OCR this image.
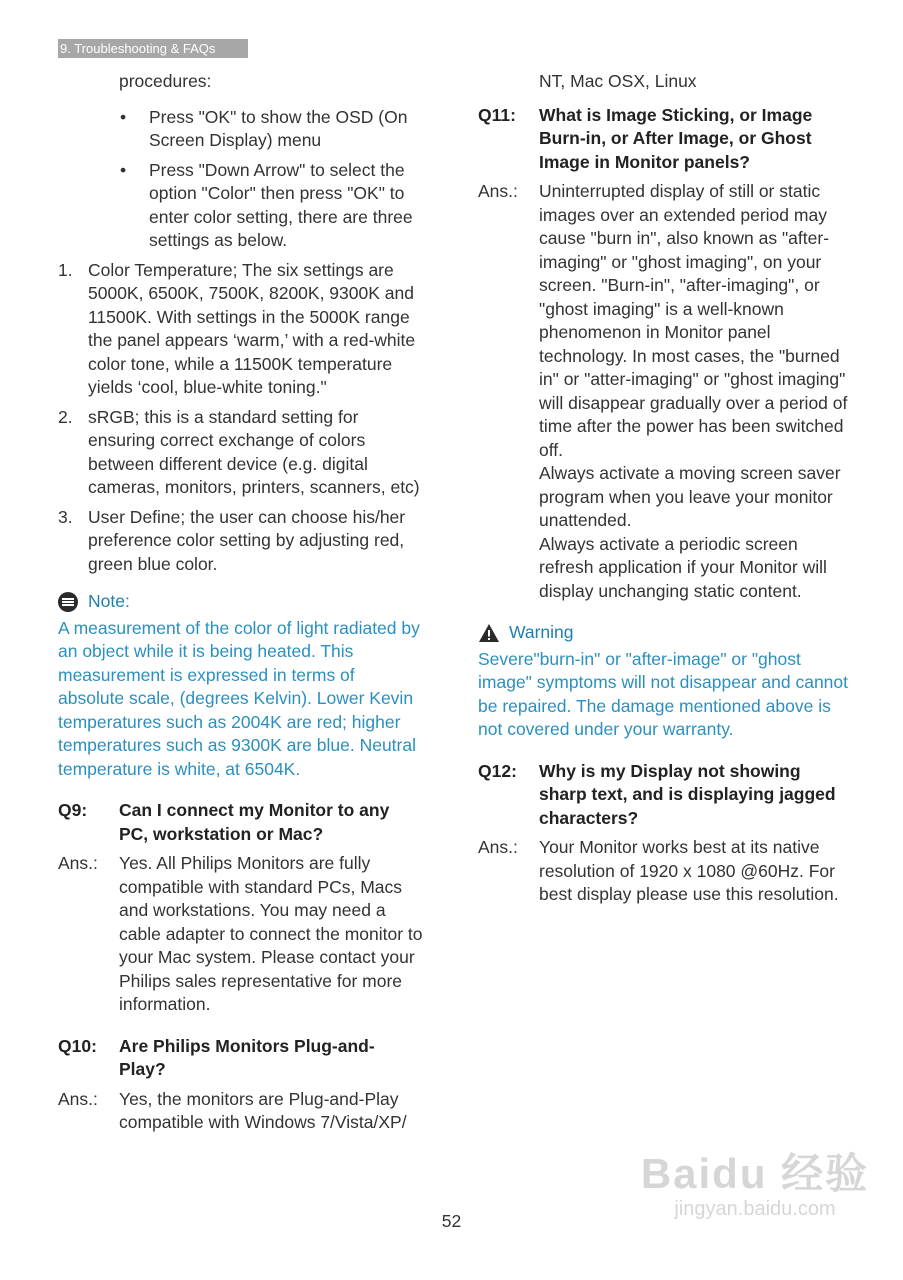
9. Troubleshooting & FAQs

procedures:

• Press "OK" to show the OSD (On Screen Display) menu
• Press "Down Arrow" to select the option "Color" then press "OK" to enter color setting, there are three settings as below.
1. Color Temperature; The six settings are 5000K, 6500K, 7500K, 8200K, 9300K and 11500K. With settings in the 5000K range the panel appears ‘warm,’ with a red-white color tone, while a 11500K temperature yields ‘cool, blue-white toning."
2. sRGB; this is a standard setting for ensuring correct exchange of colors between different device (e.g. digital cameras, monitors, printers, scanners, etc)
3. User Define; the user can choose his/her preference color setting by adjusting red, green blue color.
Note:

A measurement of the color of light radiated by an object while it is being heated. This measurement is expressed in terms of absolute scale, (degrees Kelvin). Lower Kevin temperatures such as 2004K are red; higher temperatures such as 9300K are blue. Neutral temperature is white, at 6504K.

Q9:	Can I connect my Monitor to any PC, workstation or Mac?
Ans.:	Yes. All Philips Monitors are fully compatible with standard PCs, Macs and workstations. You may need a cable adapter to connect the monitor to your Mac system. Please contact your Philips sales representative for more information.
Q10:	Are Philips Monitors Plug-and- Play?
Ans.:	Yes, the monitors are Plug-and-Play compatible with Windows 7/Vista/XP/

NT, Mac OSX, Linux

Q11:	What is Image Sticking, or Image Burn-in, or After Image, or Ghost Image in Monitor panels?
Ans.:	Uninterrupted display of still or static images over an extended period may cause "burn in", also known as "after-imaging" or "ghost imaging", on your screen. "Burn-in", "after-imaging", or "ghost imaging" is a well-known phenomenon in Monitor panel technology. In most cases, the "burned in" or "atter-imaging" or "ghost imaging" will disappear gradually over a period of time after the power has been switched off.
Always activate a moving screen saver program when you leave your monitor unattended.
Always activate a periodic screen refresh application if your Monitor will display unchanging static content.
Warning

Severe"burn-in" or "after-image" or "ghost image" symptoms will not disappear and cannot be repaired. The damage mentioned above is not covered under your warranty.

Q12:	Why is my Display not showing sharp text, and is displaying jagged characters?
Ans.:	Your Monitor works best at its native resolution of 1920 x 1080 @60Hz. For best display please use this resolution.
Baidu 经验
jingyan.baidu.com
52
